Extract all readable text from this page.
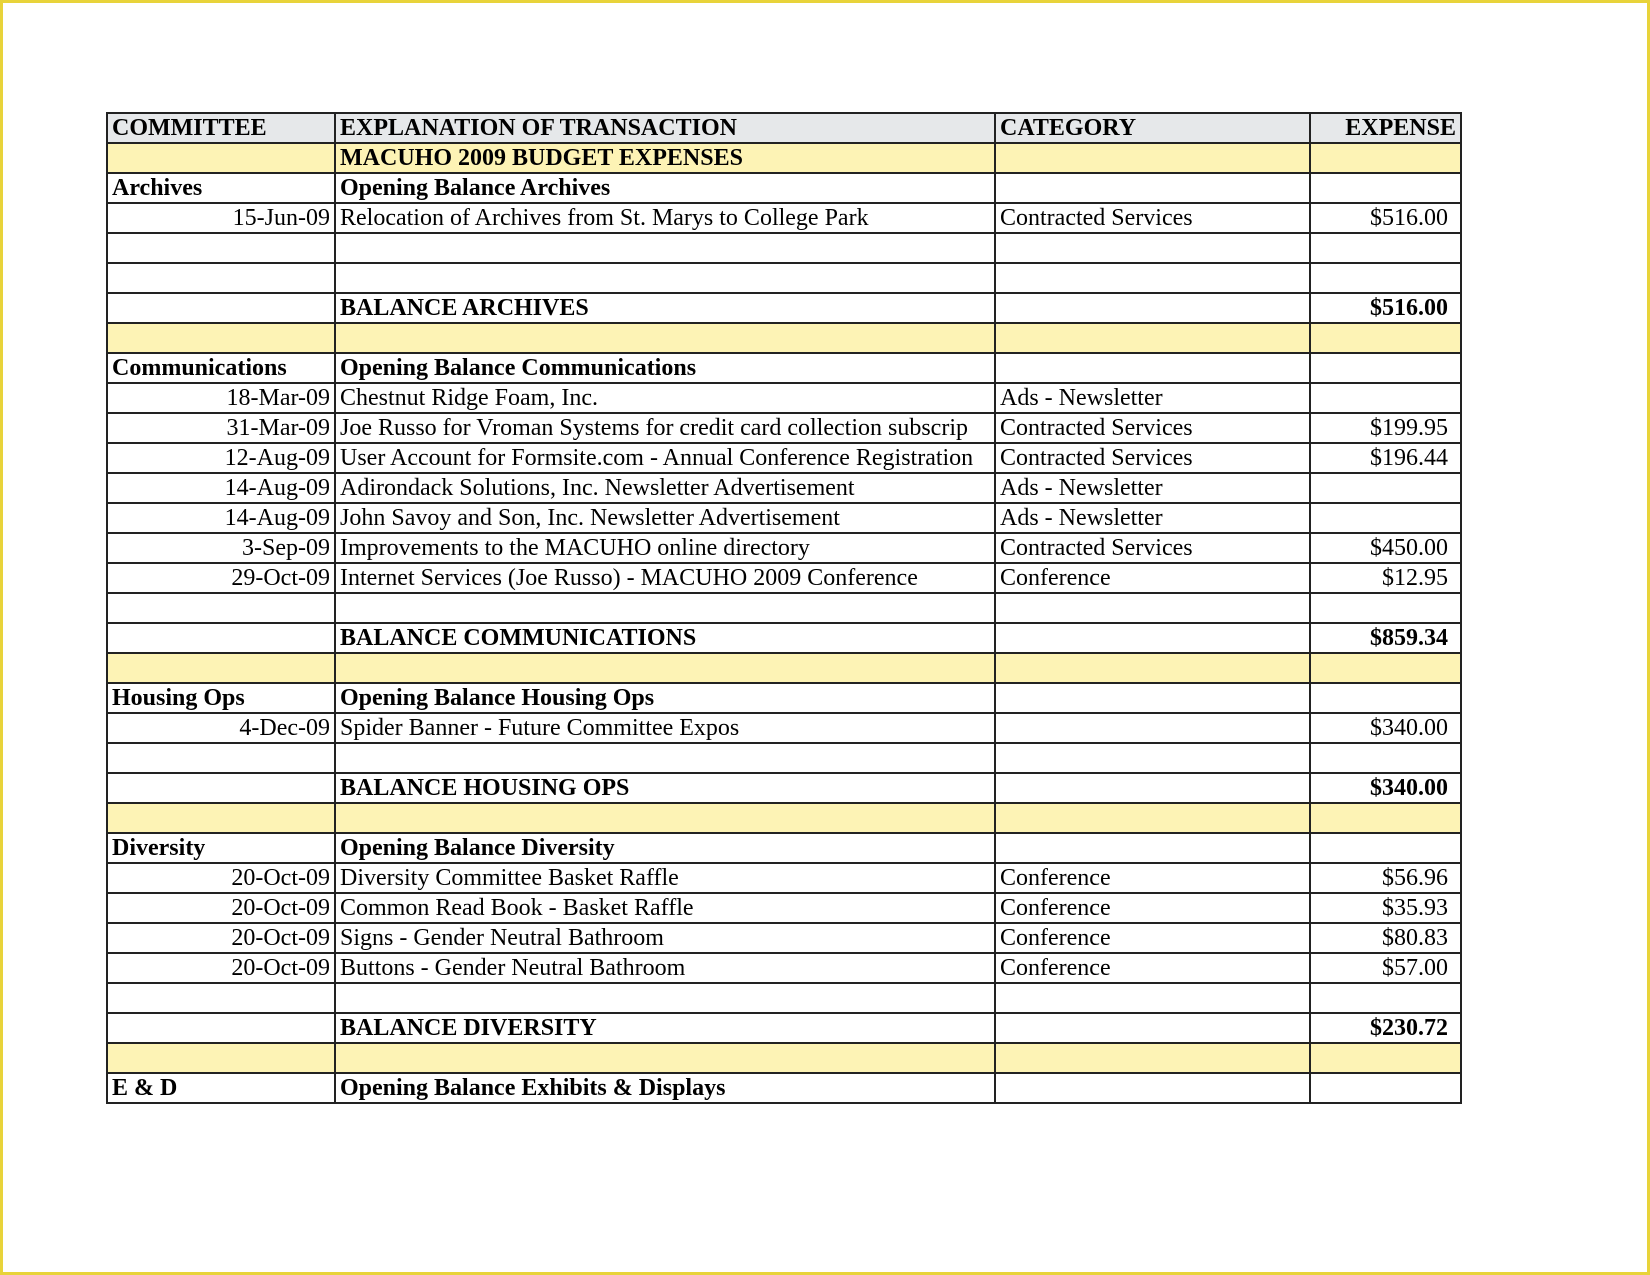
COMMITTEE	EXPLANATION OF TRANSACTION	CATEGORY	EXPENSE
	MACUHO 2009 BUDGET EXPENSES		
Archives	Opening Balance Archives		
15-Jun-09	Relocation of Archives from St. Marys to College Park	Contracted Services	$516.00

	BALANCE ARCHIVES		$516.00

Communications	Opening Balance Communications		
18-Mar-09	Chestnut Ridge Foam, Inc.	Ads - Newsletter	
31-Mar-09	Joe Russo for Vroman Systems for credit card collection subscrip	Contracted Services	$199.95
12-Aug-09	User Account for Formsite.com - Annual Conference Registration	Contracted Services	$196.44
14-Aug-09	Adirondack Solutions, Inc. Newsletter Advertisement	Ads - Newsletter	
14-Aug-09	John Savoy and Son, Inc. Newsletter Advertisement	Ads - Newsletter	
3-Sep-09	Improvements to the MACUHO online directory	Contracted Services	$450.00
29-Oct-09	Internet Services (Joe Russo) - MACUHO 2009 Conference	Conference	$12.95

	BALANCE COMMUNICATIONS		$859.34

Housing Ops	Opening Balance Housing Ops		
4-Dec-09	Spider Banner - Future Committee Expos		$340.00

	BALANCE HOUSING OPS		$340.00

Diversity	Opening Balance Diversity		
20-Oct-09	Diversity Committee Basket Raffle	Conference	$56.96
20-Oct-09	Common Read Book - Basket Raffle	Conference	$35.93
20-Oct-09	Signs - Gender Neutral Bathroom	Conference	$80.83
20-Oct-09	Buttons - Gender Neutral Bathroom	Conference	$57.00

	BALANCE DIVERSITY		$230.72

E & D	Opening Balance Exhibits & Displays		
